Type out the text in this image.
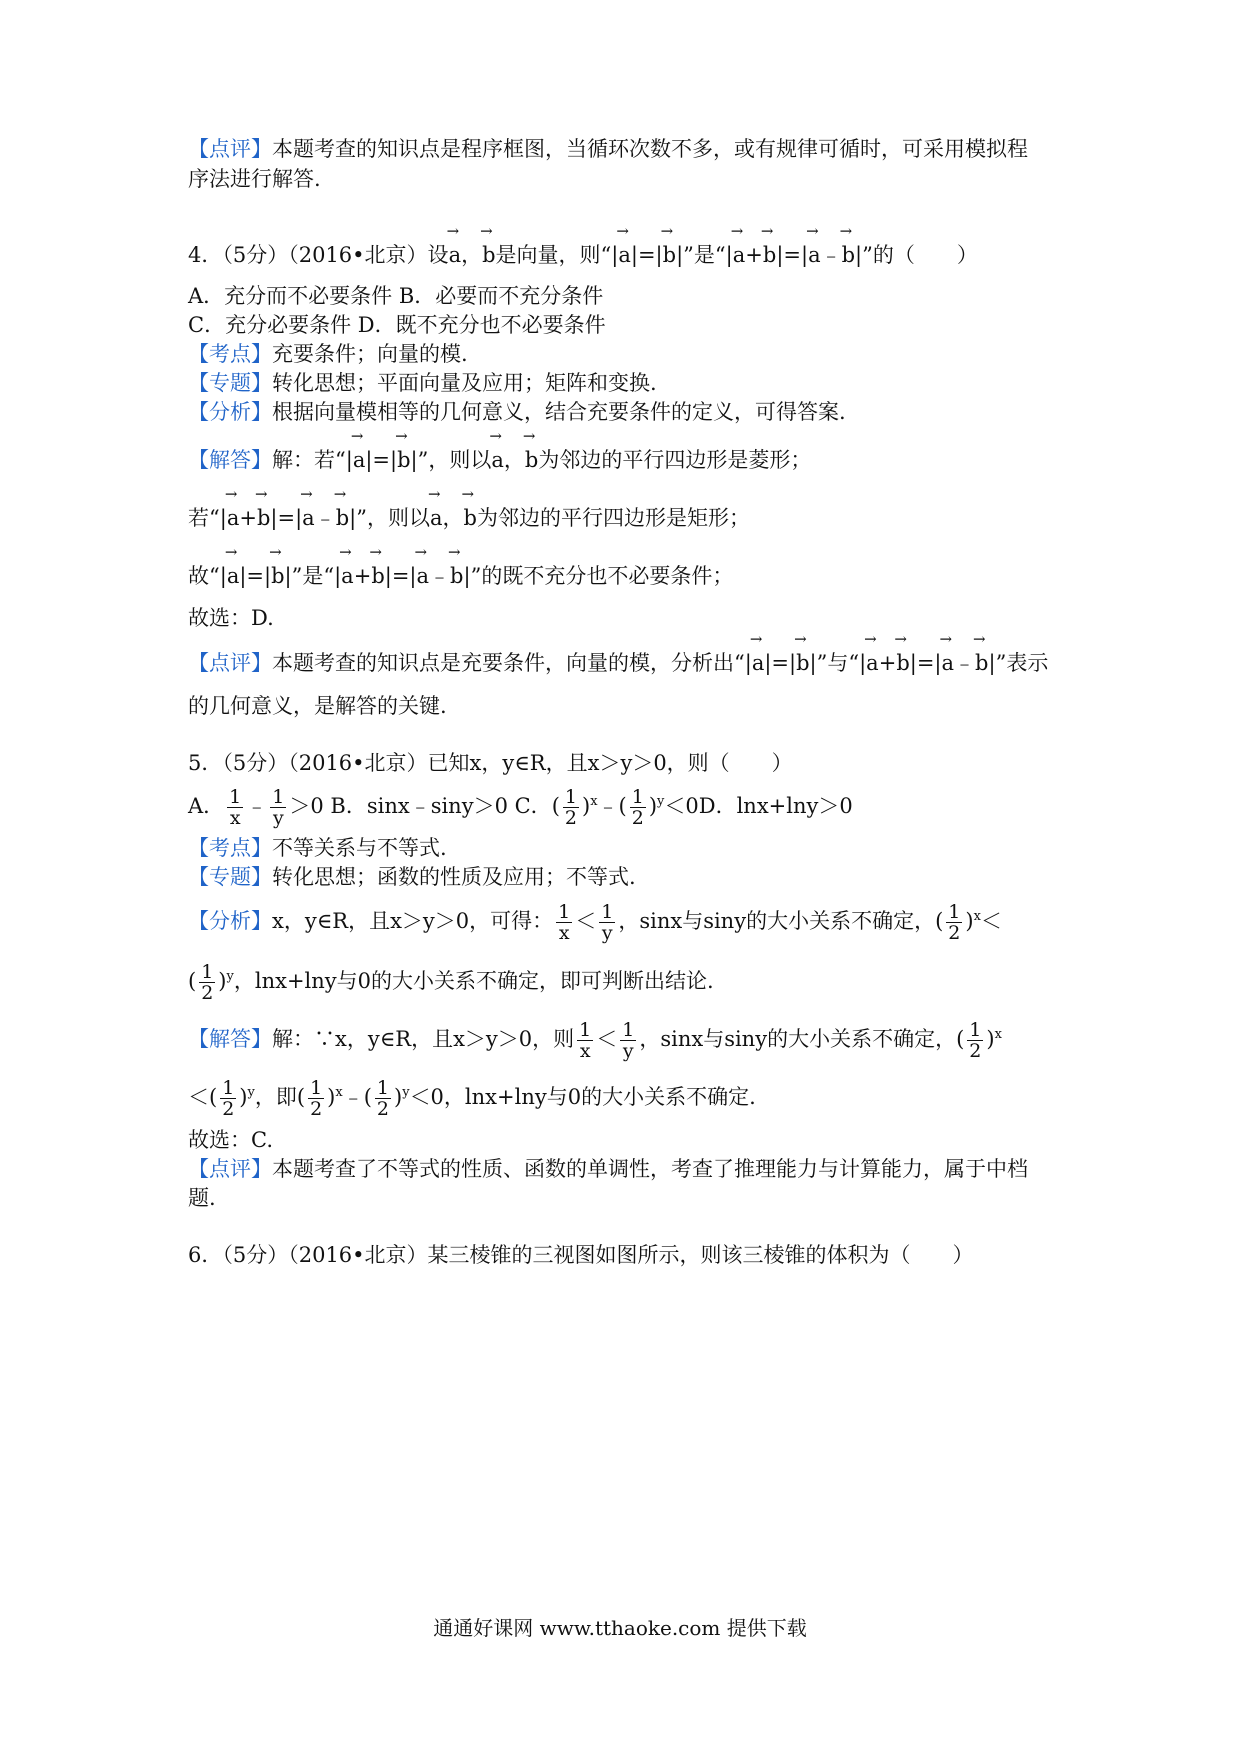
【点评】本题考查的知识点是程序框图，当循环次数不多，或有规律可循时，可采用模拟程
序法进行解答.
4．（5分）（2016•北京）设→ a，→ b是向量，则“|→ a|=|→ b|”是“|→ a+→ b|=|→ a﹣→ b|”的（　　）
A．充分而不必要条件 B．必要而不充分条件
C．充分必要条件 D．既不充分也不必要条件
【考点】充要条件；向量的模.
【专题】转化思想；平面向量及应用；矩阵和变换.
【分析】根据向量模相等的几何意义，结合充要条件的定义，可得答案.
【解答】解：若“|→ a|=|→ b|”，则以→ a，→ b为邻边的平行四边形是菱形；
若“|→ a+→ b|=|→ a﹣→ b|”，则以→ a，→ b为邻边的平行四边形是矩形；
故“|→ a|=|→ b|”是“|→ a+→ b|=|→ a﹣→ b|”的既不充分也不必要条件；
故选：D.
【点评】本题考查的知识点是充要条件，向量的模，分析出“|→ a|=|→ b|”与“|→ a+→ b|=|→ a﹣→ b|”表示
的几何意义，是解答的关键.
5．（5分）（2016•北京）已知x，y∈R，且x＞y＞0，则（　　）
A． $\frac{1}{x}$ ﹣ $\frac{1}{y} >0$ B．sinx﹣siny＞0 C．( $\frac{1}{2}$ )$^x$﹣( $\frac{1}{2} )^y<0D$．lnx+lny＞0
【考点】不等关系与不等式.
【专题】转化思想；函数的性质及应用；不等式.
【分析】x，y∈R，且x＞y＞0，可得： $\frac{1}{x} < \frac{1}{y}$ ，sinx与siny的大小关系不确定，( $\frac{1}{2} )^x<$
( $\frac{1}{2} )^y$，lnx+lny与0的大小关系不确定，即可判断出结论.
【解答】解：∵x，y∈R，且x＞y＞0，则 $\frac{1}{x} < \frac{1}{y}$ ，sinx与siny的大小关系不确定，( $\frac{1}{2} )^x$
＜( $\frac{1}{2} )^y$，即( $\frac{1}{2}$ )$^x$﹣( $\frac{1}{2} )^y<0$，lnx+lny与0的大小关系不确定.
故选：C.
【点评】本题考查了不等式的性质、函数的单调性，考查了推理能力与计算能力，属于中档
题.
6．（5分）（2016•北京）某三棱锥的三视图如图所示，则该三棱锥的体积为（　　）
通通好课网 www.tthaoke.com 提供下载
